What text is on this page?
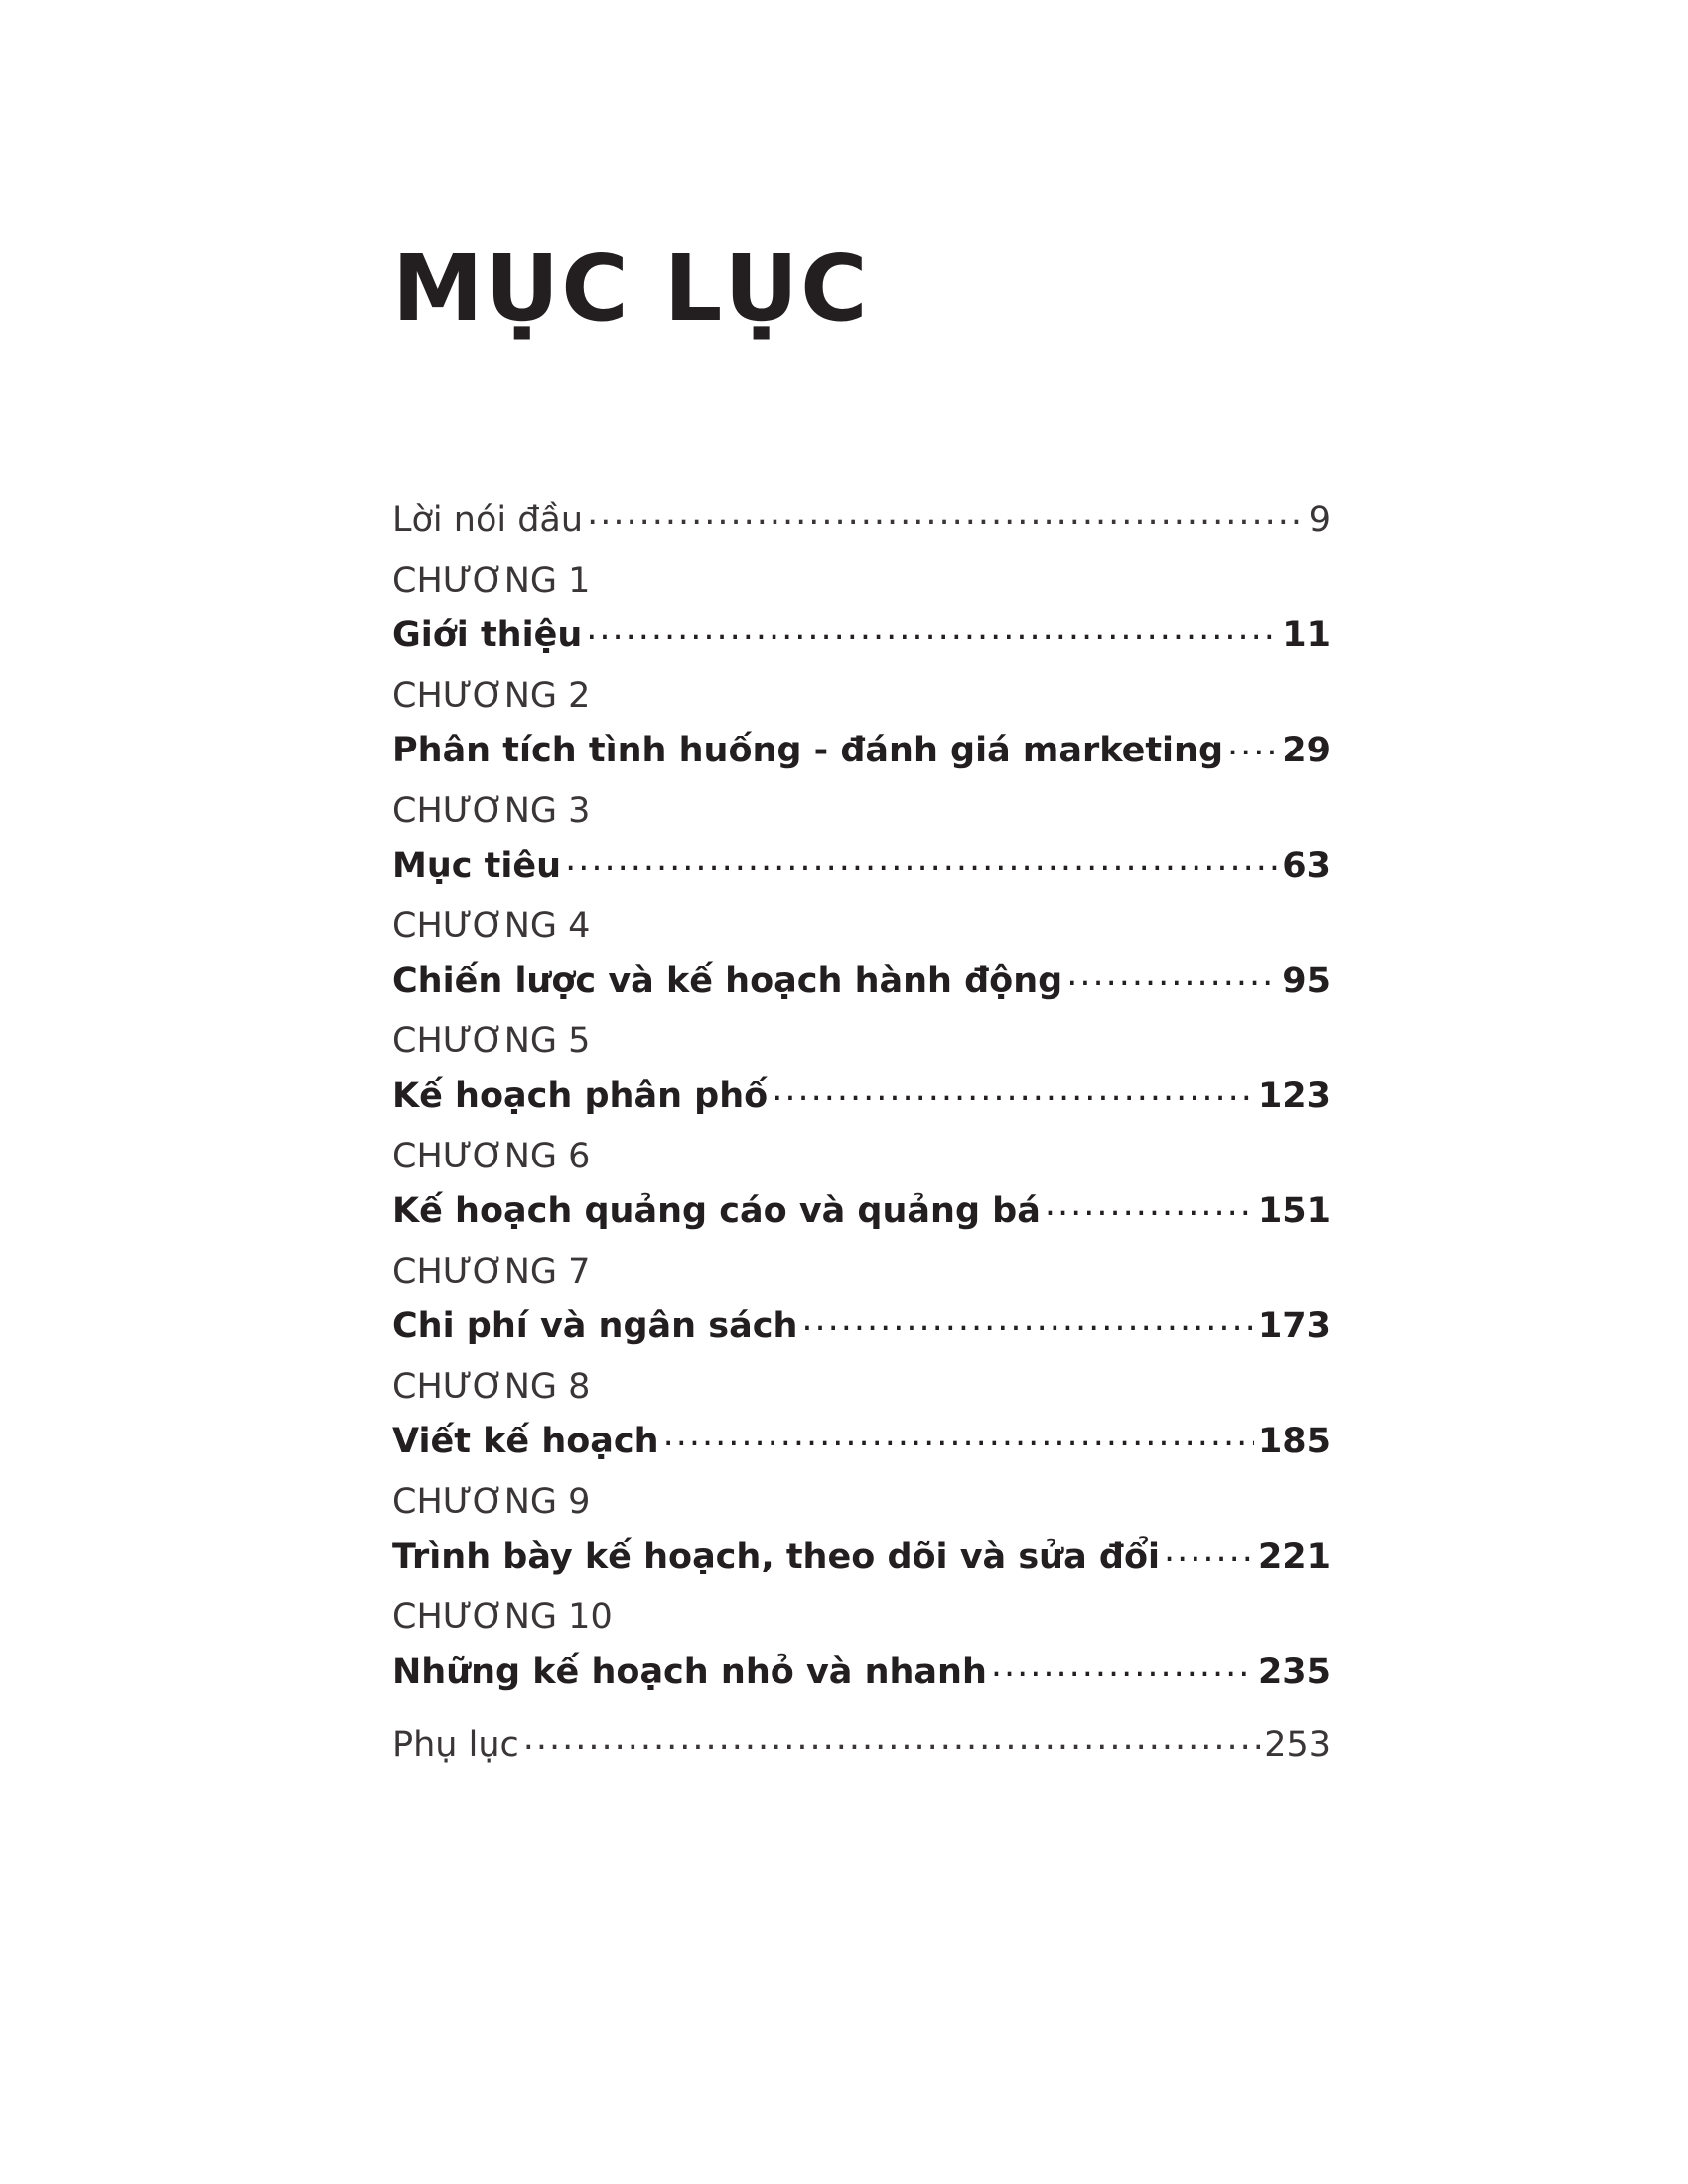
MỤC LỤC
Lời nói đầu .....	9
CHƯƠNG 1
Giới thiệu .....	11
CHƯƠNG 2
Phân tích tình huống - đánh giá marketing ..... 29
CHƯƠNG 3
Mục tiêu .....	63
CHƯƠNG 4
Chiến lược và kế hoạch hành động .....	95
CHƯƠNG 5
Kế hoạch phân phố .....	123
CHƯƠNG 6
Kế hoạch quảng cáo và quảng bá .....	151
CHƯƠNG 7
Chi phí và ngân sách .....	173
CHƯƠNG 8
Viết kế hoạch .....	185
CHƯƠNG 9
Trình bày kế hoạch, theo dõi và sửa đổi .....	221
CHƯƠNG 10
Những kế hoạch nhỏ và nhanh .....	235
Phụ lục .....	253
